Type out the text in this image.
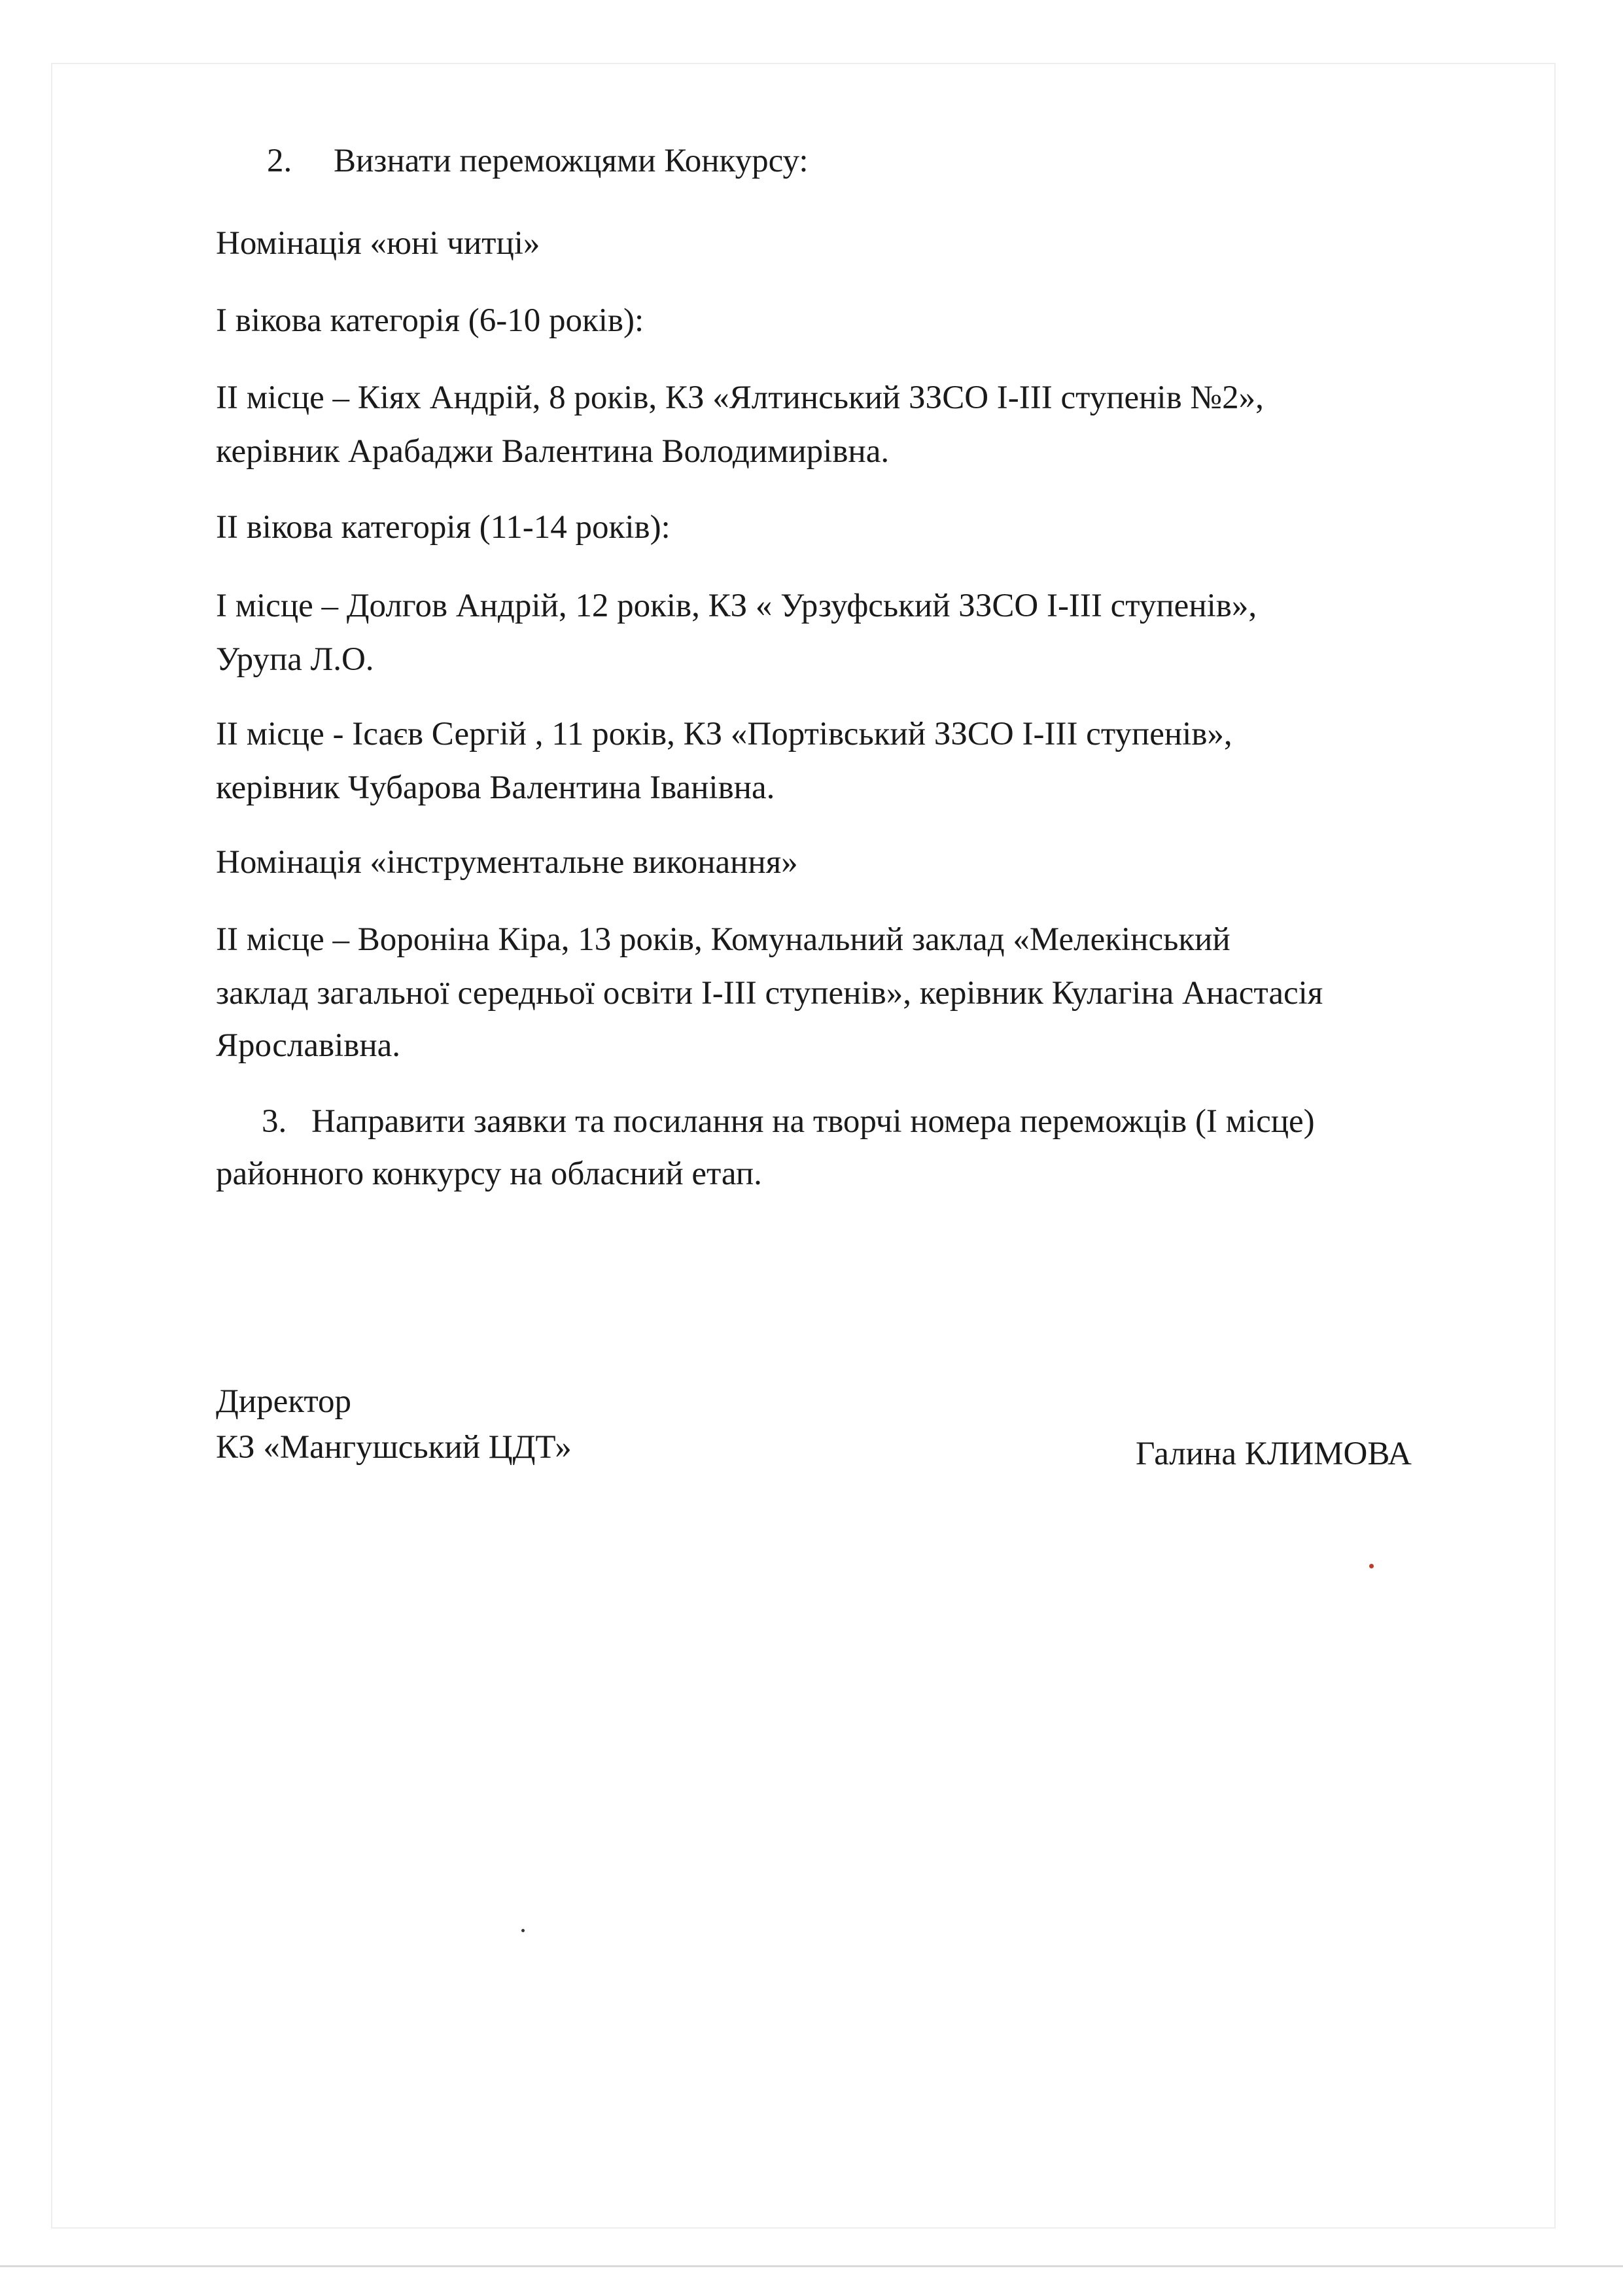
2. Визнати переможцями Конкурсу:

Номінація «юні читці»

І вікова категорія (6-10 років):

ІІ місце – Кіях Андрій, 8 років, КЗ «Ялтинський ЗЗСО І-ІІІ ступенів №2»,

керівник Арабаджи Валентина Володимирівна.

ІІ вікова категорія (11-14 років):

І місце – Долгов Андрій, 12 років, КЗ « Урзуфський ЗЗСО І-ІІІ ступенів»,

Урупа Л.О.

ІІ місце - Ісаєв Сергій , 11 років, КЗ «Портівський ЗЗСО І-ІІІ ступенів»,

керівник Чубарова Валентина Іванівна.

Номінація «інструментальне виконання»

ІІ місце – Вороніна Кіра, 13 років, Комунальний заклад «Мелекінський

заклад загальної середньої освіти І-ІІІ ступенів», керівник Кулагіна Анастасія

Ярославівна.

3. Направити заявки та посилання на творчі номера переможців (І місце)

районного конкурсу на обласний етап.

Директор

КЗ «Мангушський ЦДТ»	Галина КЛИМОВА
